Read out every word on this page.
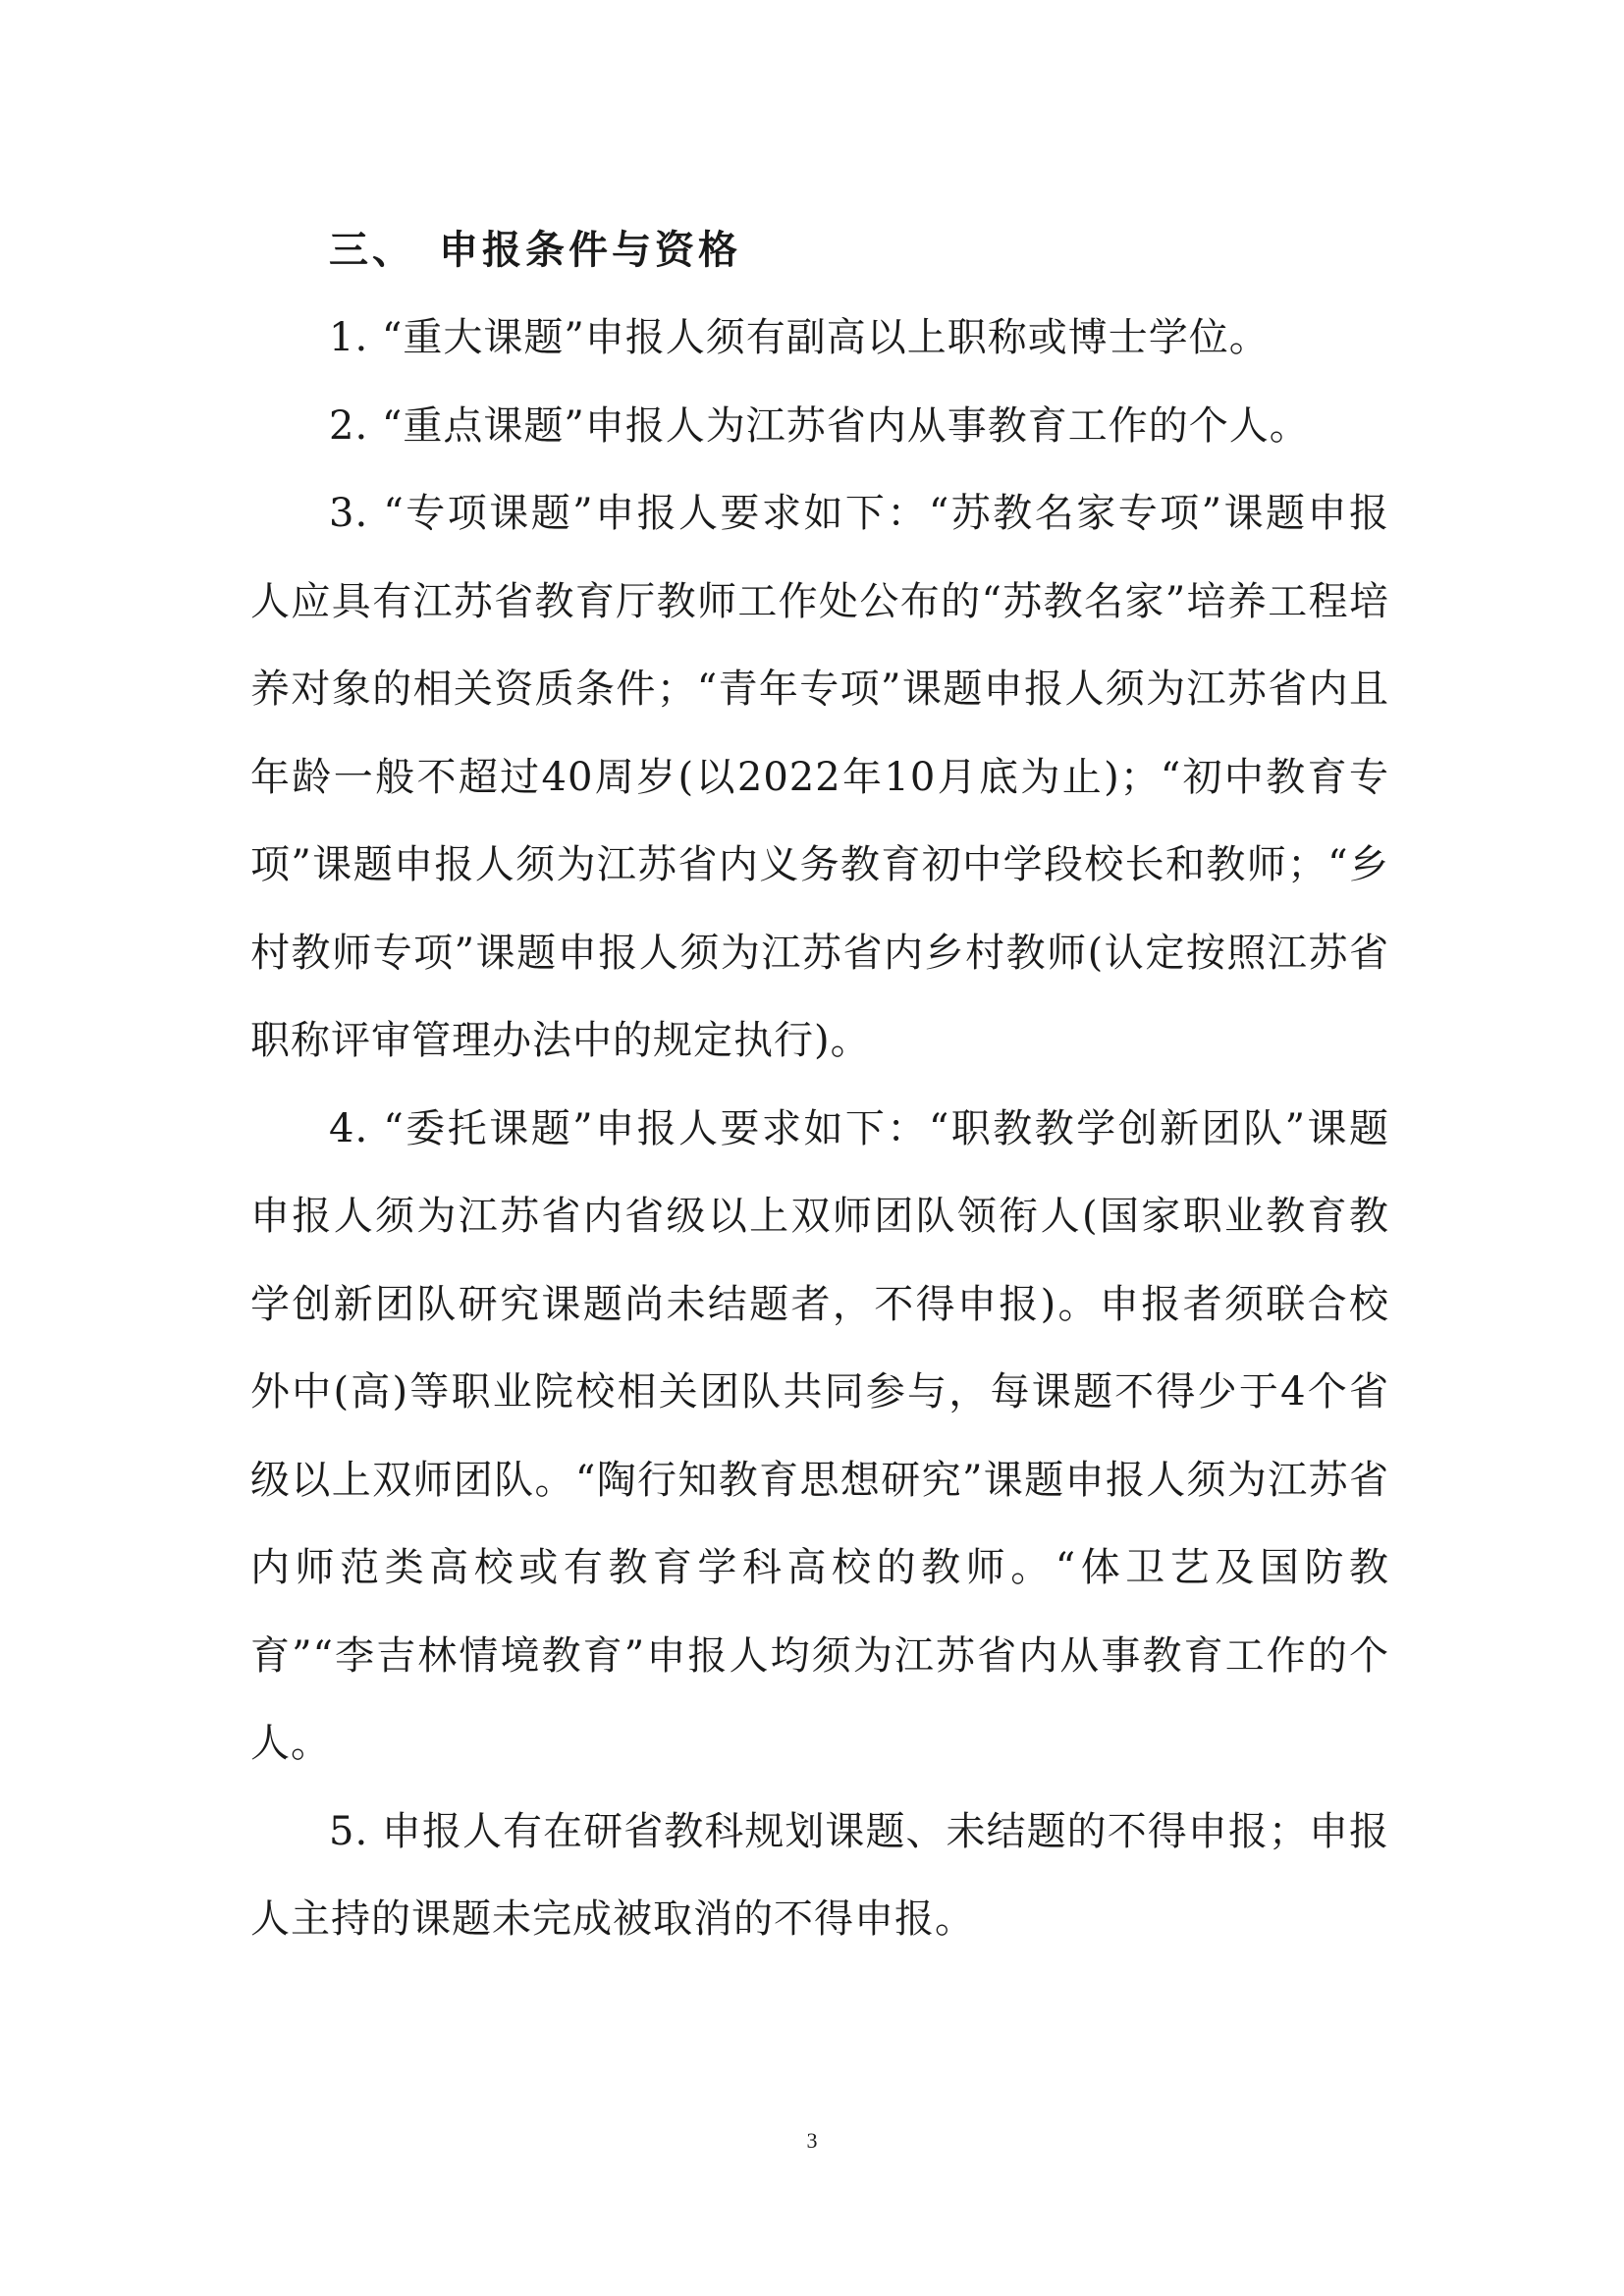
三、　申报条件与资格

1. “重大课题”申报人须有副高以上职称或博士学位。

2. “重点课题”申报人为江苏省内从事教育工作的个人。

3. “专项课题”申报人要求如下：“苏教名家专项”课题申报人应具有江苏省教育厅教师工作处公布的“苏教名家”培养工程培养对象的相关资质条件；“青年专项”课题申报人须为江苏省内且年龄一般不超过40周岁(以2022年10月底为止)；“初中教育专项”课题申报人须为江苏省内义务教育初中学段校长和教师；“乡村教师专项”课题申报人须为江苏省内乡村教师(认定按照江苏省职称评审管理办法中的规定执行)。

4. “委托课题”申报人要求如下：“职教教学创新团队”课题申报人须为江苏省内省级以上双师团队领衔人(国家职业教育教学创新团队研究课题尚未结题者，不得申报)。申报者须联合校外中(高)等职业院校相关团队共同参与，每课题不得少于4个省级以上双师团队。“陶行知教育思想研究”课题申报人须为江苏省内师范类高校或有教育学科高校的教师。“体卫艺及国防教育”“李吉林情境教育”申报人均须为江苏省内从事教育工作的个人。

5. 申报人有在研省教科规划课题、未结题的不得申报；申报人主持的课题未完成被取消的不得申报。

3
